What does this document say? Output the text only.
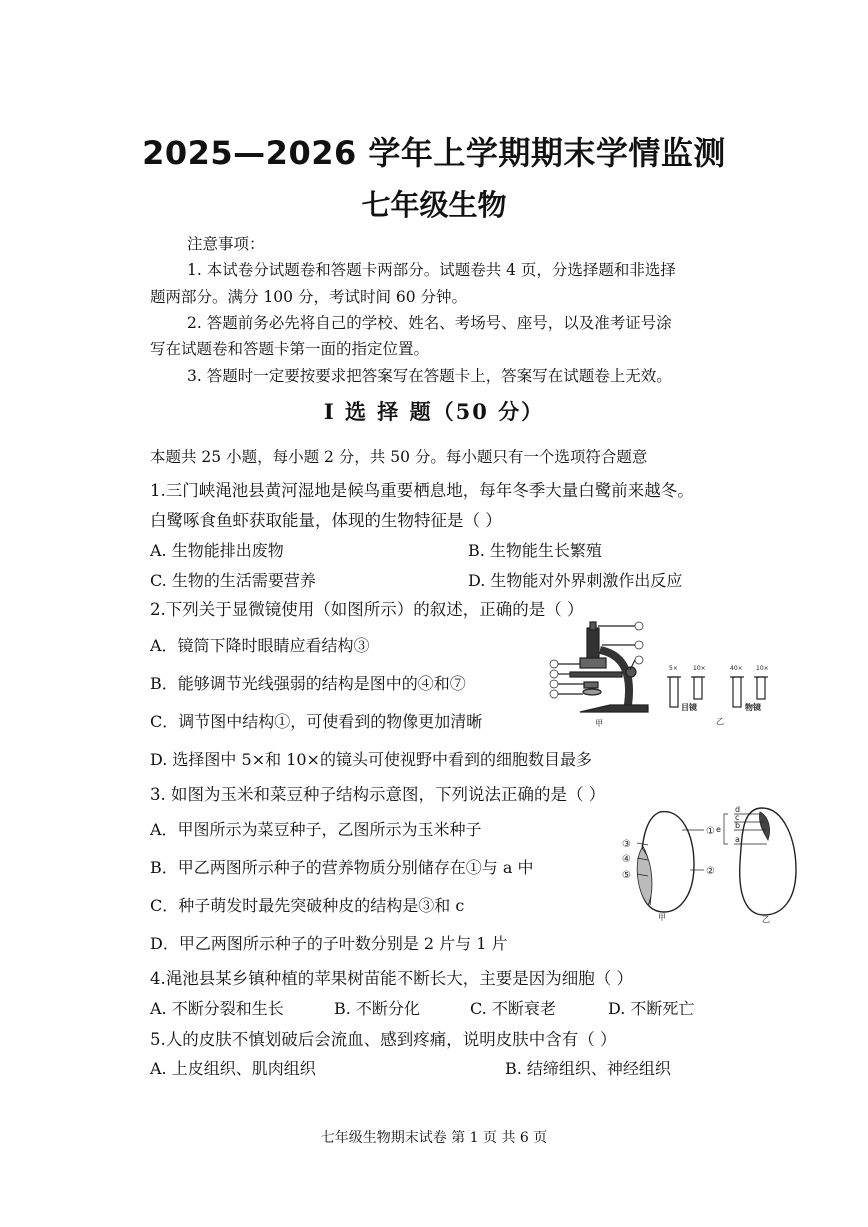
2025—2026 学年上学期期末学情监测
七年级生物
注意事项：
1. 本试卷分试题卷和答题卡两部分。试题卷共 4 页，分选择题和非选择
题两部分。满分 100 分，考试时间 60 分钟。
2. 答题前务必先将自己的学校、姓名、考场号、座号，以及准考证号涂
写在试题卷和答题卡第一面的指定位置。
3. 答题时一定要按要求把答案写在答题卡上，答案写在试题卷上无效。
Ⅰ 选 择 题（50 分）
本题共 25 小题，每小题 2 分，共 50 分。每小题只有一个选项符合题意
1.三门峡渑池县黄河湿地是候鸟重要栖息地，每年冬季大量白鹭前来越冬。
白鹭啄食鱼虾获取能量，体现的生物特征是（ ）
A. 生物能排出废物	B. 生物能生长繁殖
C. 生物的生活需要营养	D. 生物能对外界刺激作出反应
2.下列关于显微镜使用（如图所示）的叙述，正确的是（ ）
A．镜筒下降时眼睛应看结构③
B．能够调节光线强弱的结构是图中的④和⑦
C．调节图中结构①，可使看到的物像更加清晰
D. 选择图中 5×和 10×的镜头可使视野中看到的细胞数目最多
甲
5×	10×	40× 10×
目镜	物镜
乙
3. 如图为玉米和菜豆种子结构示意图，下列说法正确的是（ ）
A．甲图所示为菜豆种子，乙图所示为玉米种子
B．甲乙两图所示种子的营养物质分别储存在①与 a 中
C．种子萌发时最先突破种皮的结构是③和 c
D．甲乙两图所示种子的子叶数分别是 2 片与 1 片
③
④
⑤
①
②
甲
d
c
b
a
e
乙
4.渑池县某乡镇种植的苹果树苗能不断长大，主要是因为细胞（ ）
A. 不断分裂和生长	B. 不断分化	C. 不断衰老	D. 不断死亡
5.人的皮肤不慎划破后会流血、感到疼痛，说明皮肤中含有（ ）
A. 上皮组织、肌肉组织	B. 结缔组织、神经组织
七年级生物期末试卷 第 1 页 共 6 页
